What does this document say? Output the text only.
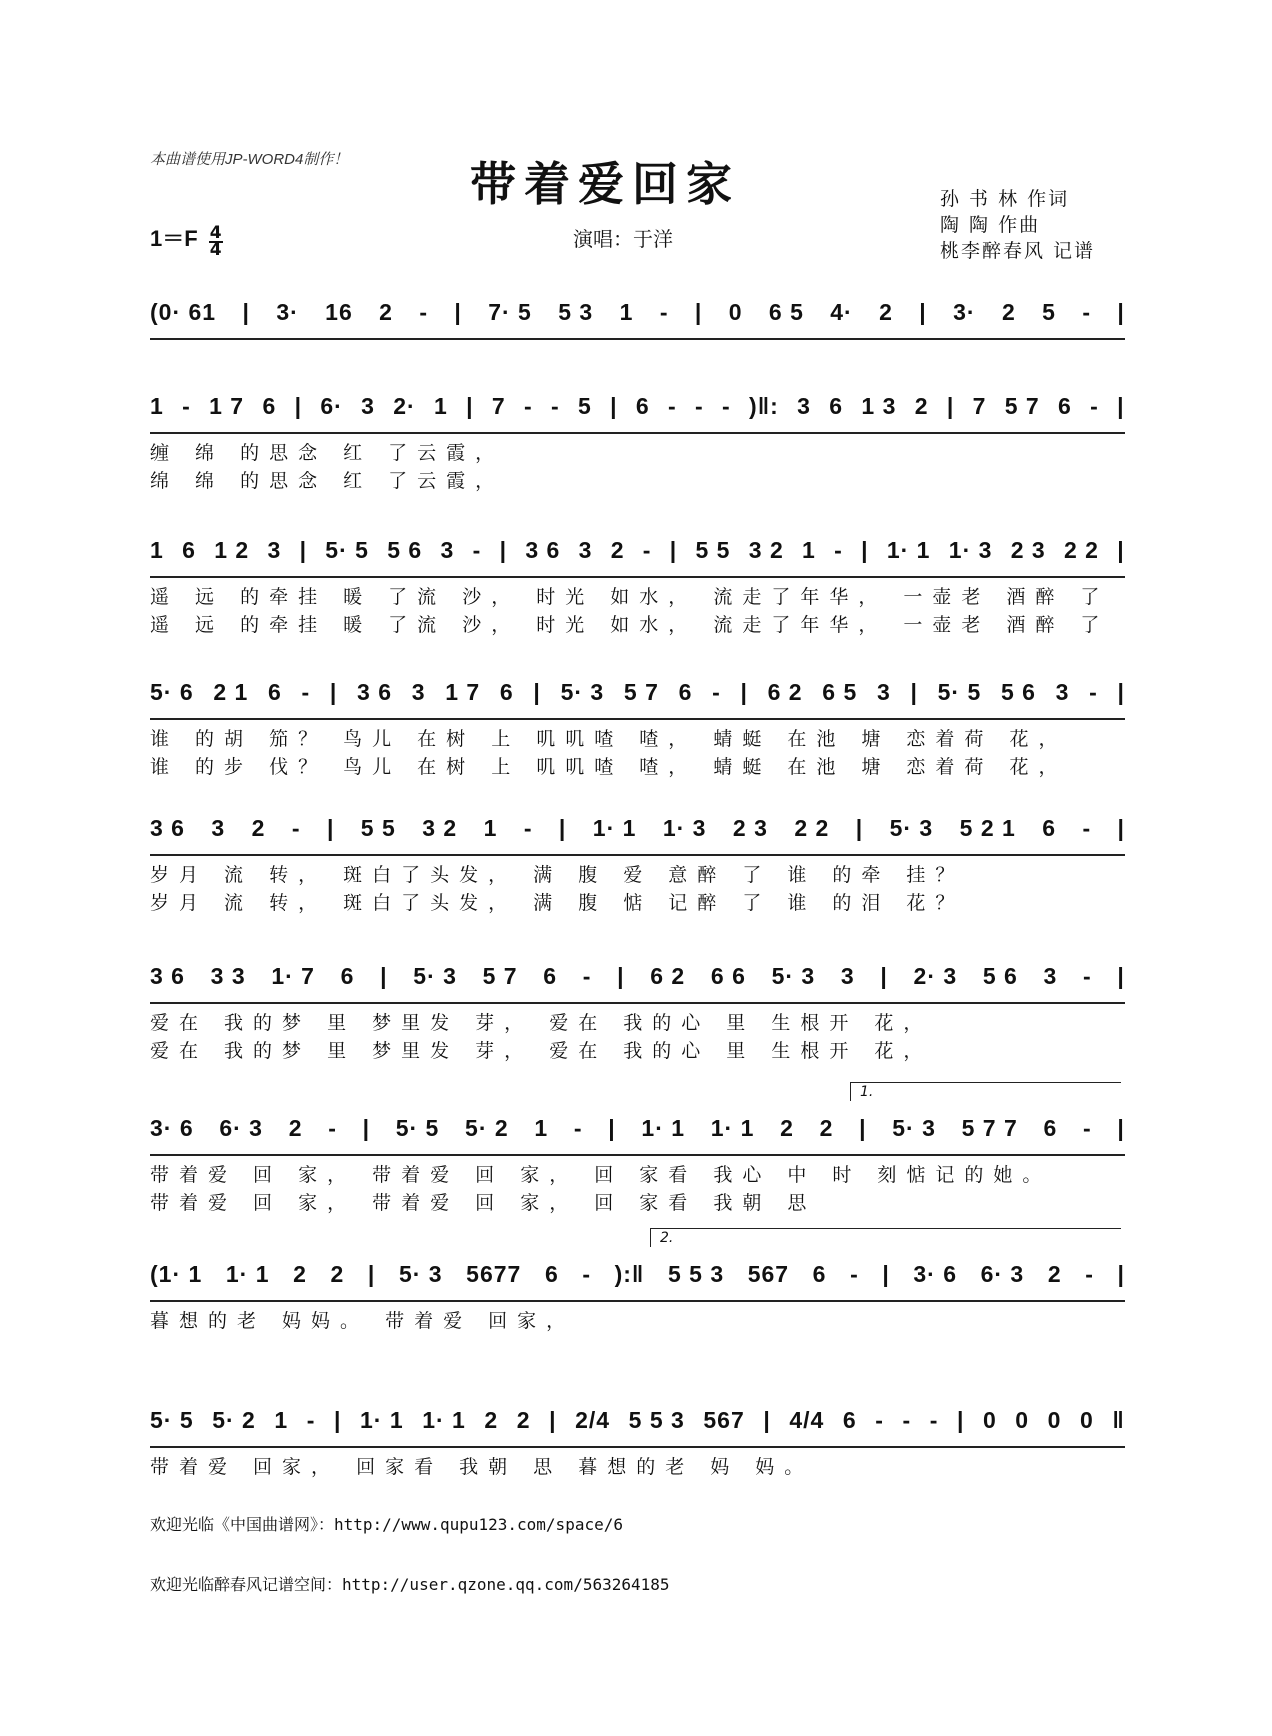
本曲谱使用JP-WORD4制作！	带着爱回家
演唱：于洋
孙 书 林 作词
陶 陶 作曲
桃李醉春风 记谱
$1=F \frac{4}{4}$
(0· 61 | 3· 16 2 - | 7· 5 5 3 1 - | 0 6 5 4· 2 | 3· 2 5 - |
1 - 1 7 6 | 6· 3 2· 1 | 7 - - 5 | 6 - - - )‖: 3 6 1 3 2 | 7 5 7 6 - |
缠 绵 的思念 红 了云霞，
绵 绵 的思念 红 了云霞，
1 6 1 2 3 | 5· 5 5 6 3 - | 3 6 3 2 - | 5 5 3 2 1 - | 1· 1 1· 3 2 3 2 2 |
遥 远 的牵挂 暖 了流 沙， 时光 如水， 流走了年华， 一壶老 酒醉 了
遥 远 的牵挂 暖 了流 沙， 时光 如水， 流走了年华， 一壶老 酒醉 了
5· 6 2 1 6 - | 3 6 3 1 7 6 | 5· 3 5 7 6 - | 6 2 6 5 3 | 5· 5 5 6 3 - |
谁 的胡 笳？ 鸟儿 在树 上 叽叽喳 喳， 蜻蜓 在池 塘 恋着荷 花，
谁 的步 伐？ 鸟儿 在树 上 叽叽喳 喳， 蜻蜓 在池 塘 恋着荷 花，
3 6 3 2 - | 5 5 3 2 1 - | 1· 1 1· 3 2 3 2 2 | 5· 3 5 2 1 6 - |
岁月 流 转， 斑白了头发， 满 腹 爱 意醉 了 谁 的牵 挂？
岁月 流 转， 斑白了头发， 满 腹 惦 记醉 了 谁 的泪 花？
3 6 3 3 1· 7 6 | 5· 3 5 7 6 - | 6 2 6 6 5· 3 3 | 2· 3 5 6 3 - |
爱在 我的梦 里 梦里发 芽， 爱在 我的心 里 生根开 花，
爱在 我的梦 里 梦里发 芽， 爱在 我的心 里 生根开 花，
1.
3· 6 6· 3 2 - | 5· 5 5· 2 1 - | 1· 1 1· 1 2 2 | 5· 3 5 7 7 6 - |
带着爱 回 家， 带着爱 回 家， 回 家看 我心 中 时 刻惦记的她。
带着爱 回 家， 带着爱 回 家， 回 家看 我朝 思
2.
(1· 1 1· 1 2 2 | 5· 3 5677 6 - ):‖ 5 5 3 567 6 - | 3· 6 6· 3 2 - |
暮想的老 妈妈。 带着爱 回家，
5· 5 5· 2 1 - | 1· 1 1· 1 2 2 | 2/4 5 5 3 567 | 4/4 6 - - - | 0 0 0 0 ‖
带着爱 回家， 回家看 我朝 思 暮想的老 妈 妈。
欢迎光临《中国曲谱网》：http://www.qupu123.com/space/6
欢迎光临醉春风记谱空间：http://user.qzone.qq.com/563264185
